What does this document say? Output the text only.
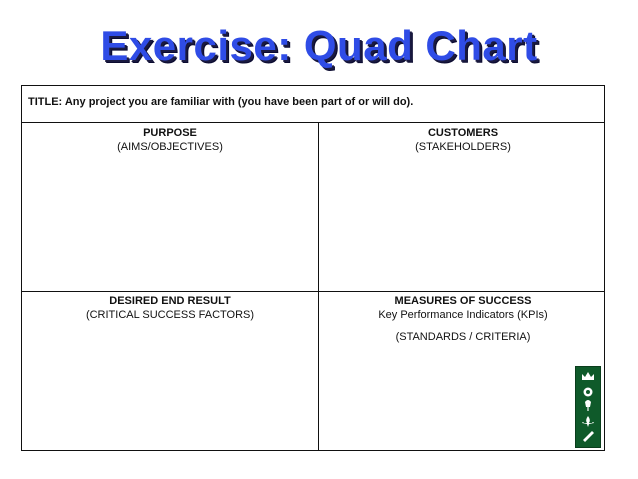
Exercise: Quad Chart
TITLE: Any project you are familiar with (you have been part of or will do).
PURPOSE
(AIMS/OBJECTIVES)
CUSTOMERS
(STAKEHOLDERS)
DESIRED END RESULT
(CRITICAL SUCCESS FACTORS)
MEASURES OF SUCCESS
Key Performance Indicators (KPIs)
(STANDARDS / CRITERIA)
